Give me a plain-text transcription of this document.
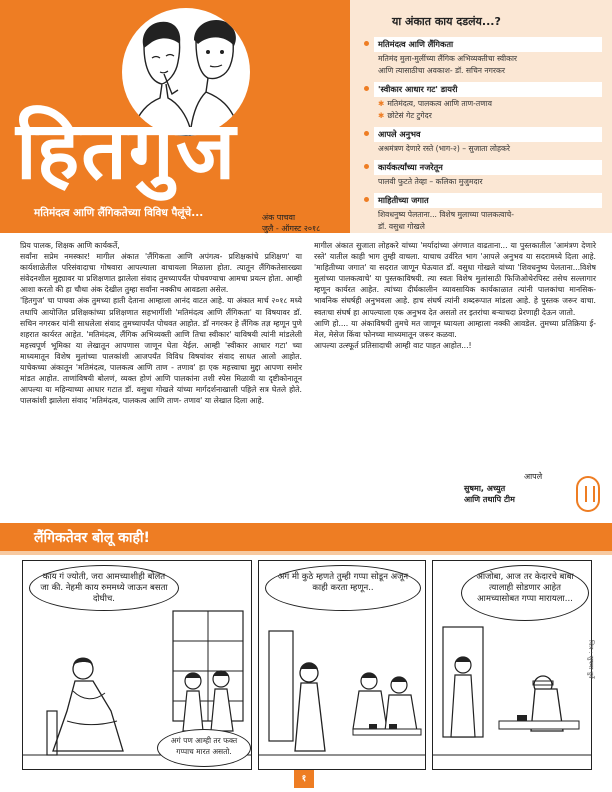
हितगुज
मतिमंदत्व आणि लैंगिकतेच्या विविध पैलूंचे...	अंक पाचवा
जुलै - ऑगस्ट २०१८
या अंकात काय दडलंय...?
मतिमंदत्व आणि लैंगिकता
मतिमंद मुला-मुलींच्या लैंगिक अभिव्यक्तीचा स्वीकार
आणि त्यासाठीचा अवकाश- डॉ. सचिन नगरकर
'स्वीकार आधार गट' डायरी
✱ मतिमंदत्व, पालकत्व आणि ताण-तणाव
✱ छोटेसं गेट टुगेदर
आपले अनुभव
अश्रमंत्रण देणारे रस्ते (भाग-२) – सुजाता लोहकरे
कार्यकर्त्यांच्या नजरेतून
पालवी फुटते तेव्हा – कलिका मुजुमदार
माहितीच्या जगात
शिवधनुष्य पेलताना... विशेष मुलाच्या पालकत्वाचे-
डॉ. वसुधा गोखले

प्रिय पालक, शिक्षक आणि कार्यकर्ते,

सर्वांना सप्रेम नमस्कार! मागील अंकात 'लैंगिकता आणि अपंगत्व- प्रशिक्षकांचे प्रशिक्षण' या कार्यशाळेतील परिसंवादाचा गोषवारा आपल्याला वाचायला मिळाला होता. त्यातून लैंगिकतेसारख्या संवेदनशील मुद्द्यावर या प्रशिक्षणात झालेला संवाद तुमच्यापर्यंत पोचवण्याचा आमचा प्रयत्न होता. आम्ही आशा करतो की हा चौथा अंक देखील तुम्हा सर्वांना नक्कीच आवडला असेल.

'हितगुज' चा पाचवा अंक तुमच्या हाती देताना आम्हाला आनंद वाटत आहे. या अंकात मार्च २०१८ मध्ये तथापि आयोजित प्रशिक्षकांच्या प्रशिक्षणात सहभागींशी 'मतिमंदत्व आणि लैंगिकता' या विषयावर डॉ. सचिन नगरकर यांनी साधलेला संवाद तुमच्यापर्यंत पोचवत आहोत. डॉ नगरकर हे लैंगिक तज्ञ म्हणून पुणे शहरात कार्यरत आहेत. 'मतिमंदत्व, लैंगिक अभिव्यक्ती आणि तिचा स्वीकार' याविषयी त्यांनी मांडलेली महत्त्वपूर्ण भूमिका या लेखातून आपणास जाणून घेता येईल. आम्ही 'स्वीकार आधार गटा' च्या माध्यमातून विशेष मुलांच्या पालकांशी आजपर्यंत विविध विषयांवर संवाद साधत आलो आहोत. याचेकच्या अंकातून 'मतिमंदत्व, पालकत्व आणि ताण - तणाव' हा एक महत्त्वाचा मुद्दा आपणा समोर मांडत आहोत. ताणांविषयी बोलणं, व्यक्त होणं आणि पालकांना तशी स्पेस मिळावी या दृष्टीकोनातून आपल्या या महिन्याच्या आधार गटात डॉ. वसुधा गोखले यांच्या मार्गदर्शनाखाली पहिले सत्र घेतले होते. पालकांशी झालेला संवाद 'मतिमंदत्व, पालकत्व आणि ताण- तणाव' या लेखात दिला आहे.

मागील अंकात सुजाता लोहकरे यांच्या 'मर्यादांच्या अंगणात वाढताना... या पुस्तकातील 'आमंत्रण देणारे रस्ते' यातील काही भाग तुम्ही वाचला. याचाच उर्वरित भाग 'आपले अनुभव या सदरामध्ये दिला आहे. 'माहितीच्या जगात' या सदरात जाणून घेऊयात डॉ. वसुधा गोखले यांच्या 'शिवधनुष्य पेलताना...विशेष मुलांच्या पालकत्वाचे' या पुस्तकाविषयी. त्या स्वतः विशेष मुलांसाठी फिजिओथेरपिस्ट तसेच सल्लागार म्हणून कार्यरत आहेत. त्यांच्या दीर्घकालीन व्यावसायिक कार्यकाळात त्यांनी पालकांचा मानसिक- भावनिक संघर्षही अनुभवला आहे. हाच संघर्ष त्यांनी शब्दरूपात मांडला आहे. हे पुस्तक जरूर वाचा. स्वतःचा संघर्ष हा आपल्याला एक अनुभव देत असतो तर इतरांचा बऱ्याचदा प्रेरणाही देऊन जातो.

आणि हो.... या अंकाविषयी तुमचे मत जाणून घ्यायला आम्हाला नक्की आवडेल. तुमच्या प्रतिक्रिया ई-मेल, मेसेज किंवा फोनच्या माध्यमातून जरूर कळवा.

आपल्या उत्स्फूर्त प्रतिसादाची आम्ही वाट पाहत आहोत...!

आपले
सुषमा, अच्युत
आणि तथापि टीम
लैंगिकतेवर बोलू काही!
काय गं ज्योती, जरा आमच्याशीही बोलत जा की. नेहमी काय रुममध्ये जाऊन बसता दोघीच.
अगं पण आम्ही तर फक्त गप्पाच मारत असतो.
अगं मी कुठे म्हणते तुम्ही गप्पा सोडून अजून काही करता म्हणून..
आजोबा, आज तर केदारचे बाबा त्यालाही सोडणार आहेत आमच्यासोबत गप्पा मारायला...
चित्र : सुषमा दुर्वे
१
